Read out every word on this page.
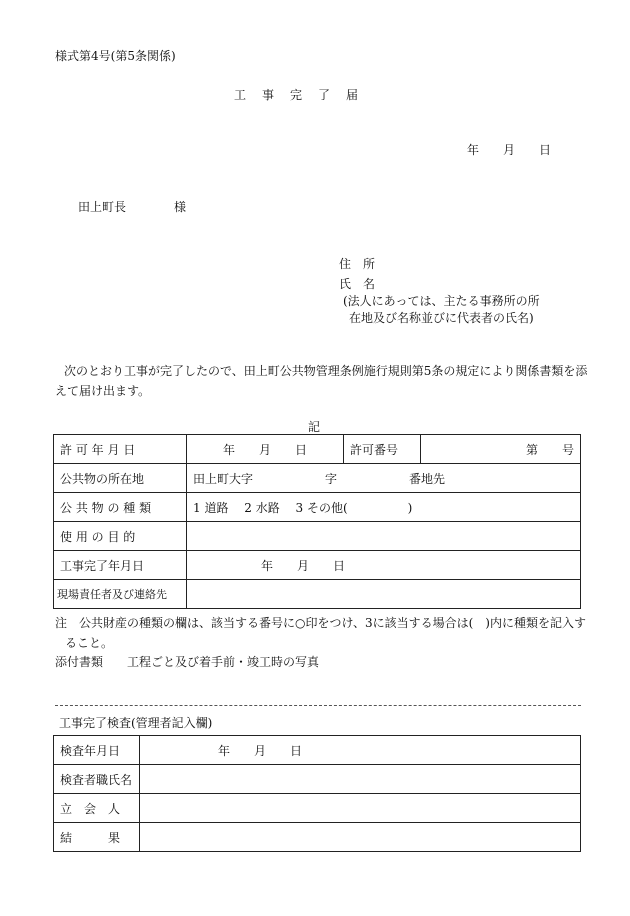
様式第4号(第5条関係)
工　事　完　了　届
年　　月　　日
田上町長　　　　様
住　所
氏　名
(法人にあっては、主たる事務所の所
在地及び名称並びに代表者の氏名)
次のとおり工事が完了したので、田上町公共物管理条例施行規則第5条の規定により関係書類を添
えて届け出ます。
記
許 可 年 月 日	年　　月　　日	許可番号	第　　号
公共物の所在地	田上町大字　　　　　　字　　　　　　番地先		
公 共 物 の 種 類	1 道路　 2 水路　 3 その他(　　　　　)		
使 用 の 目 的			
工事完了年月日	年　　月　　日		
現場責任者及び連絡先			
注　公共財産の種類の欄は、該当する番号に○印をつけ、3に該当する場合は(　)内に種類を記入す
ること。
添付書類　　工程ごと及び着手前・竣工時の写真
工事完了検査(管理者記入欄)
検査年月日	年　　月　　日
検査者職氏名	
立　会　人	
結　　　果	
